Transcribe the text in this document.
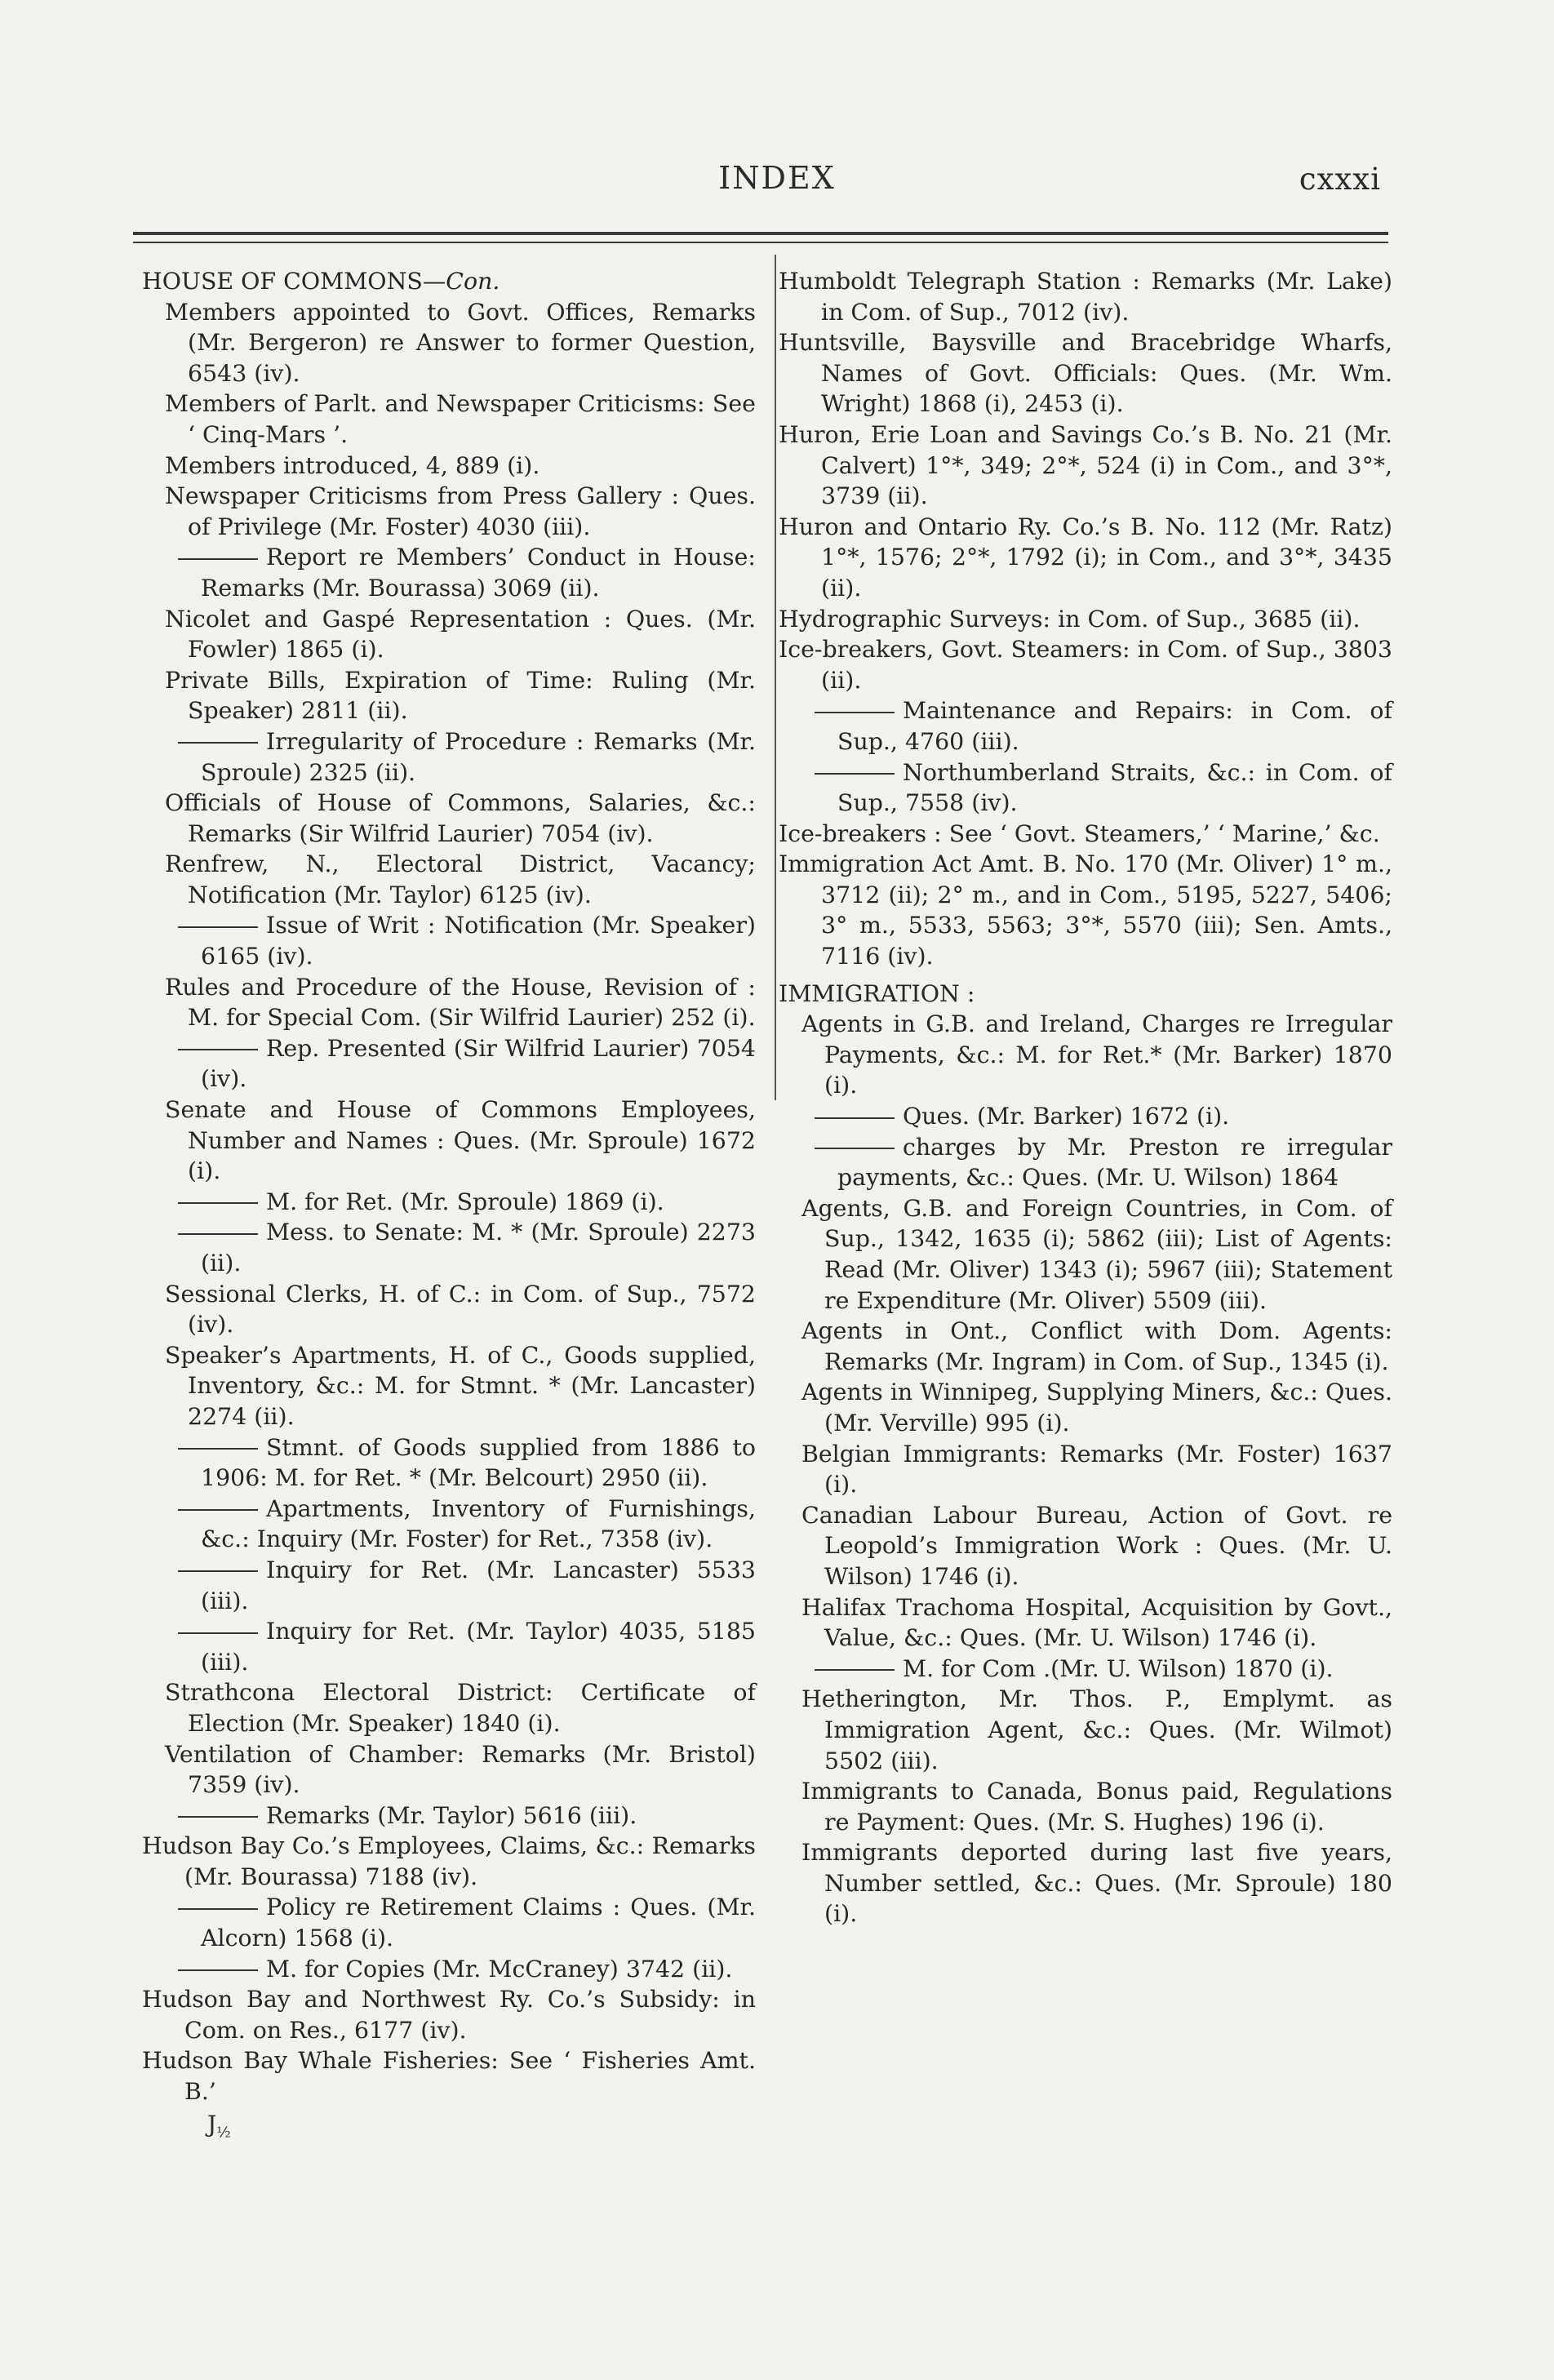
INDEX	cxxxi

HOUSE OF COMMONS—Con.

Members appointed to Govt. Offices, Remarks (Mr. Bergeron) re Answer to former Question, 6543 (iv).

Members of Parlt. and Newspaper Criticisms: See ‘ Cinq-Mars ’.

Members introduced, 4, 889 (i).

Newspaper Criticisms from Press Gallery : Ques. of Privilege (Mr. Foster) 4030 (iii).

Report re Members’ Conduct in House: Remarks (Mr. Bourassa) 3069 (ii).

Nicolet and Gaspé Representation : Ques. (Mr. Fowler) 1865 (i).

Private Bills, Expiration of Time: Ruling (Mr. Speaker) 2811 (ii).

Irregularity of Procedure : Remarks (Mr. Sproule) 2325 (ii).

Officials of House of Commons, Salaries, &c.: Remarks (Sir Wilfrid Laurier) 7054 (iv).

Renfrew, N., Electoral District, Vacancy; Notification (Mr. Taylor) 6125 (iv).

Issue of Writ : Notification (Mr. Speaker) 6165 (iv).

Rules and Procedure of the House, Revision of : M. for Special Com. (Sir Wilfrid Laurier) 252 (i).

Rep. Presented (Sir Wilfrid Laurier) 7054 (iv).

Senate and House of Commons Employees, Number and Names : Ques. (Mr. Sproule) 1672 (i).

M. for Ret. (Mr. Sproule) 1869 (i).

Mess. to Senate: M. * (Mr. Sproule) 2273 (ii).

Sessional Clerks, H. of C.: in Com. of Sup., 7572 (iv).

Speaker’s Apartments, H. of C., Goods supplied, Inventory, &c.: M. for Stmnt. * (Mr. Lancaster) 2274 (ii).

Stmnt. of Goods supplied from 1886 to 1906: M. for Ret. * (Mr. Belcourt) 2950 (ii).

Apartments, Inventory of Furnishings, &c.: Inquiry (Mr. Foster) for Ret., 7358 (iv).

Inquiry for Ret. (Mr. Lancaster) 5533 (iii).

Inquiry for Ret. (Mr. Taylor) 4035, 5185 (iii).

Strathcona Electoral District: Certificate of Election (Mr. Speaker) 1840 (i).

Ventilation of Chamber: Remarks (Mr. Bristol) 7359 (iv).

Remarks (Mr. Taylor) 5616 (iii).

Hudson Bay Co.’s Employees, Claims, &c.: Remarks (Mr. Bourassa) 7188 (iv).

Policy re Retirement Claims : Ques. (Mr. Alcorn) 1568 (i).

M. for Copies (Mr. McCraney) 3742 (ii).

Hudson Bay and Northwest Ry. Co.’s Subsidy: in Com. on Res., 6177 (iv).

Hudson Bay Whale Fisheries: See ‘ Fisheries Amt. B.’

$J_{\frac{1}{2}}$

Humboldt Telegraph Station : Remarks (Mr. Lake) in Com. of Sup., 7012 (iv).

Huntsville, Baysville and Bracebridge Wharfs, Names of Govt. Officials: Ques. (Mr. Wm. Wright) 1868 (i), 2453 (i).

Huron, Erie Loan and Savings Co.’s B. No. 21 (Mr. Calvert) 1°*, 349; 2°*, 524 (i) in Com., and 3°*, 3739 (ii).

Huron and Ontario Ry. Co.’s B. No. 112 (Mr. Ratz) 1°*, 1576; 2°*, 1792 (i); in Com., and 3°*, 3435 (ii).

Hydrographic Surveys: in Com. of Sup., 3685 (ii).

Ice-breakers, Govt. Steamers: in Com. of Sup., 3803 (ii).

Maintenance and Repairs: in Com. of Sup., 4760 (iii).

Northumberland Straits, &c.: in Com. of Sup., 7558 (iv).

Ice-breakers : See ‘ Govt. Steamers,’ ‘ Marine,’ &c.

Immigration Act Amt. B. No. 170 (Mr. Oliver) 1° m., 3712 (ii); 2° m., and in Com., 5195, 5227, 5406; 3° m., 5533, 5563; 3°*, 5570 (iii); Sen. Amts., 7116 (iv).

IMMIGRATION :

Agents in G.B. and Ireland, Charges re Irregular Payments, &c.: M. for Ret.* (Mr. Barker) 1870 (i).

Ques. (Mr. Barker) 1672 (i).

charges by Mr. Preston re irregular payments, &c.: Ques. (Mr. U. Wilson) 1864

Agents, G.B. and Foreign Countries, in Com. of Sup., 1342, 1635 (i); 5862 (iii); List of Agents: Read (Mr. Oliver) 1343 (i); 5967 (iii); Statement re Expenditure (Mr. Oliver) 5509 (iii).

Agents in Ont., Conflict with Dom. Agents: Remarks (Mr. Ingram) in Com. of Sup., 1345 (i).

Agents in Winnipeg, Supplying Miners, &c.: Ques. (Mr. Verville) 995 (i).

Belgian Immigrants: Remarks (Mr. Foster) 1637 (i).

Canadian Labour Bureau, Action of Govt. re Leopold’s Immigration Work : Ques. (Mr. U. Wilson) 1746 (i).

Halifax Trachoma Hospital, Acquisition by Govt., Value, &c.: Ques. (Mr. U. Wilson) 1746 (i).

M. for Com .(Mr. U. Wilson) 1870 (i).

Hetherington, Mr. Thos. P., Emplymt. as Immigration Agent, &c.: Ques. (Mr. Wilmot) 5502 (iii).

Immigrants to Canada, Bonus paid, Regulations re Payment: Ques. (Mr. S. Hughes) 196 (i).

Immigrants deported during last five years, Number settled, &c.: Ques. (Mr. Sproule) 180 (i).
